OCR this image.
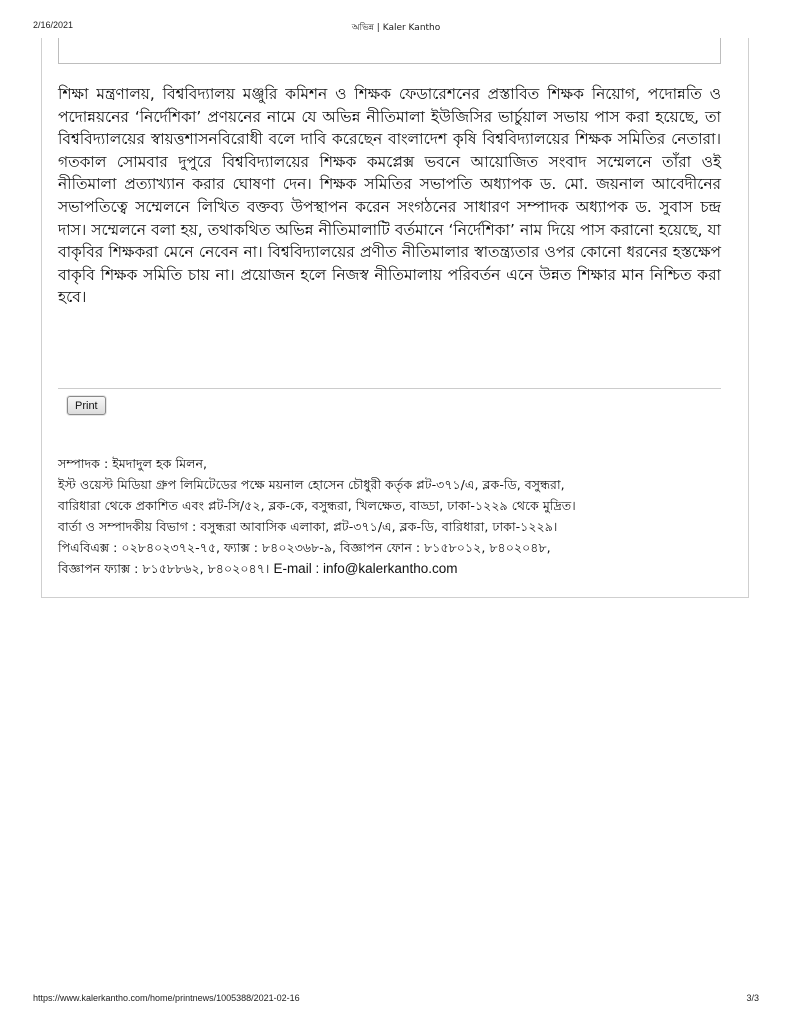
2/16/2021	অভিন্ন | Kaler Kantho

শিক্ষা মন্ত্রণালয়, বিশ্ববিদ্যালয় মঞ্জুরি কমিশন ও শিক্ষক ফেডারেশনের প্রস্তাবিত শিক্ষক নিয়োগ, পদোন্নতি ও পদোন্নয়নের ‘নির্দেশিকা’ প্রণয়নের নামে যে অভিন্ন নীতিমালা ইউজিসির ভার্চুয়াল সভায় পাস করা হয়েছে, তা বিশ্ববিদ্যালয়ের স্বায়ত্তশাসনবিরোধী বলে দাবি করেছেন বাংলাদেশ কৃষি বিশ্ববিদ্যালয়ের শিক্ষক সমিতির নেতারা। গতকাল সোমবার দুপুরে বিশ্ববিদ্যালয়ের শিক্ষক কমপ্লেক্স ভবনে আয়োজিত সংবাদ সম্মেলনে তাঁরা ওই নীতিমালা প্রত্যাখ্যান করার ঘোষণা দেন। শিক্ষক সমিতির সভাপতি অধ্যাপক ড. মো. জয়নাল আবেদীনের সভাপতিত্বে সম্মেলনে লিখিত বক্তব্য উপস্থাপন করেন সংগঠনের সাধারণ সম্পাদক অধ্যাপক ড. সুবাস চন্দ্র দাস। সম্মেলনে বলা হয়, তথাকথিত অভিন্ন নীতিমালাটি বর্তমানে ‘নির্দেশিকা’ নাম দিয়ে পাস করানো হয়েছে, যা বাকৃবির শিক্ষকরা মেনে নেবেন না। বিশ্ববিদ্যালয়ের প্রণীত নীতিমালার স্বাতন্ত্র্যতার ওপর কোনো ধরনের হস্তক্ষেপ বাকৃবি শিক্ষক সমিতি চায় না। প্রয়োজন হলে নিজস্ব নীতিমালায় পরিবর্তন এনে উন্নত শিক্ষার মান নিশ্চিত করা হবে।

Print
সম্পাদক : ইমদাদুল হক মিলন,
ইস্ট ওয়েস্ট মিডিয়া গ্রুপ লিমিটেডের পক্ষে ময়নাল হোসেন চৌধুরী কর্তৃক প্লট-৩৭১/এ, ব্লক-ডি, বসুন্ধরা,
বারিধারা থেকে প্রকাশিত এবং প্লট-সি/৫২, ব্লক-কে, বসুন্ধরা, খিলক্ষেত, বাড্ডা, ঢাকা-১২২৯ থেকে মুদ্রিত।
বার্তা ও সম্পাদকীয় বিভাগ : বসুন্ধরা আবাসিক এলাকা, প্লট-৩৭১/এ, ব্লক-ডি, বারিধারা, ঢাকা-১২২৯।
পিএবিএক্স : ০২৮৪০২৩৭২-৭৫, ফ্যাক্স : ৮৪০২৩৬৮-৯, বিজ্ঞাপন ফোন : ৮১৫৮০১২, ৮৪০২০৪৮,
বিজ্ঞাপন ফ্যাক্স : ৮১৫৮৮৬২, ৮৪০২০৪৭। E-mail : info@kalerkantho.com
https://www.kalerkantho.com/home/printnews/1005388/2021-02-16	3/3
